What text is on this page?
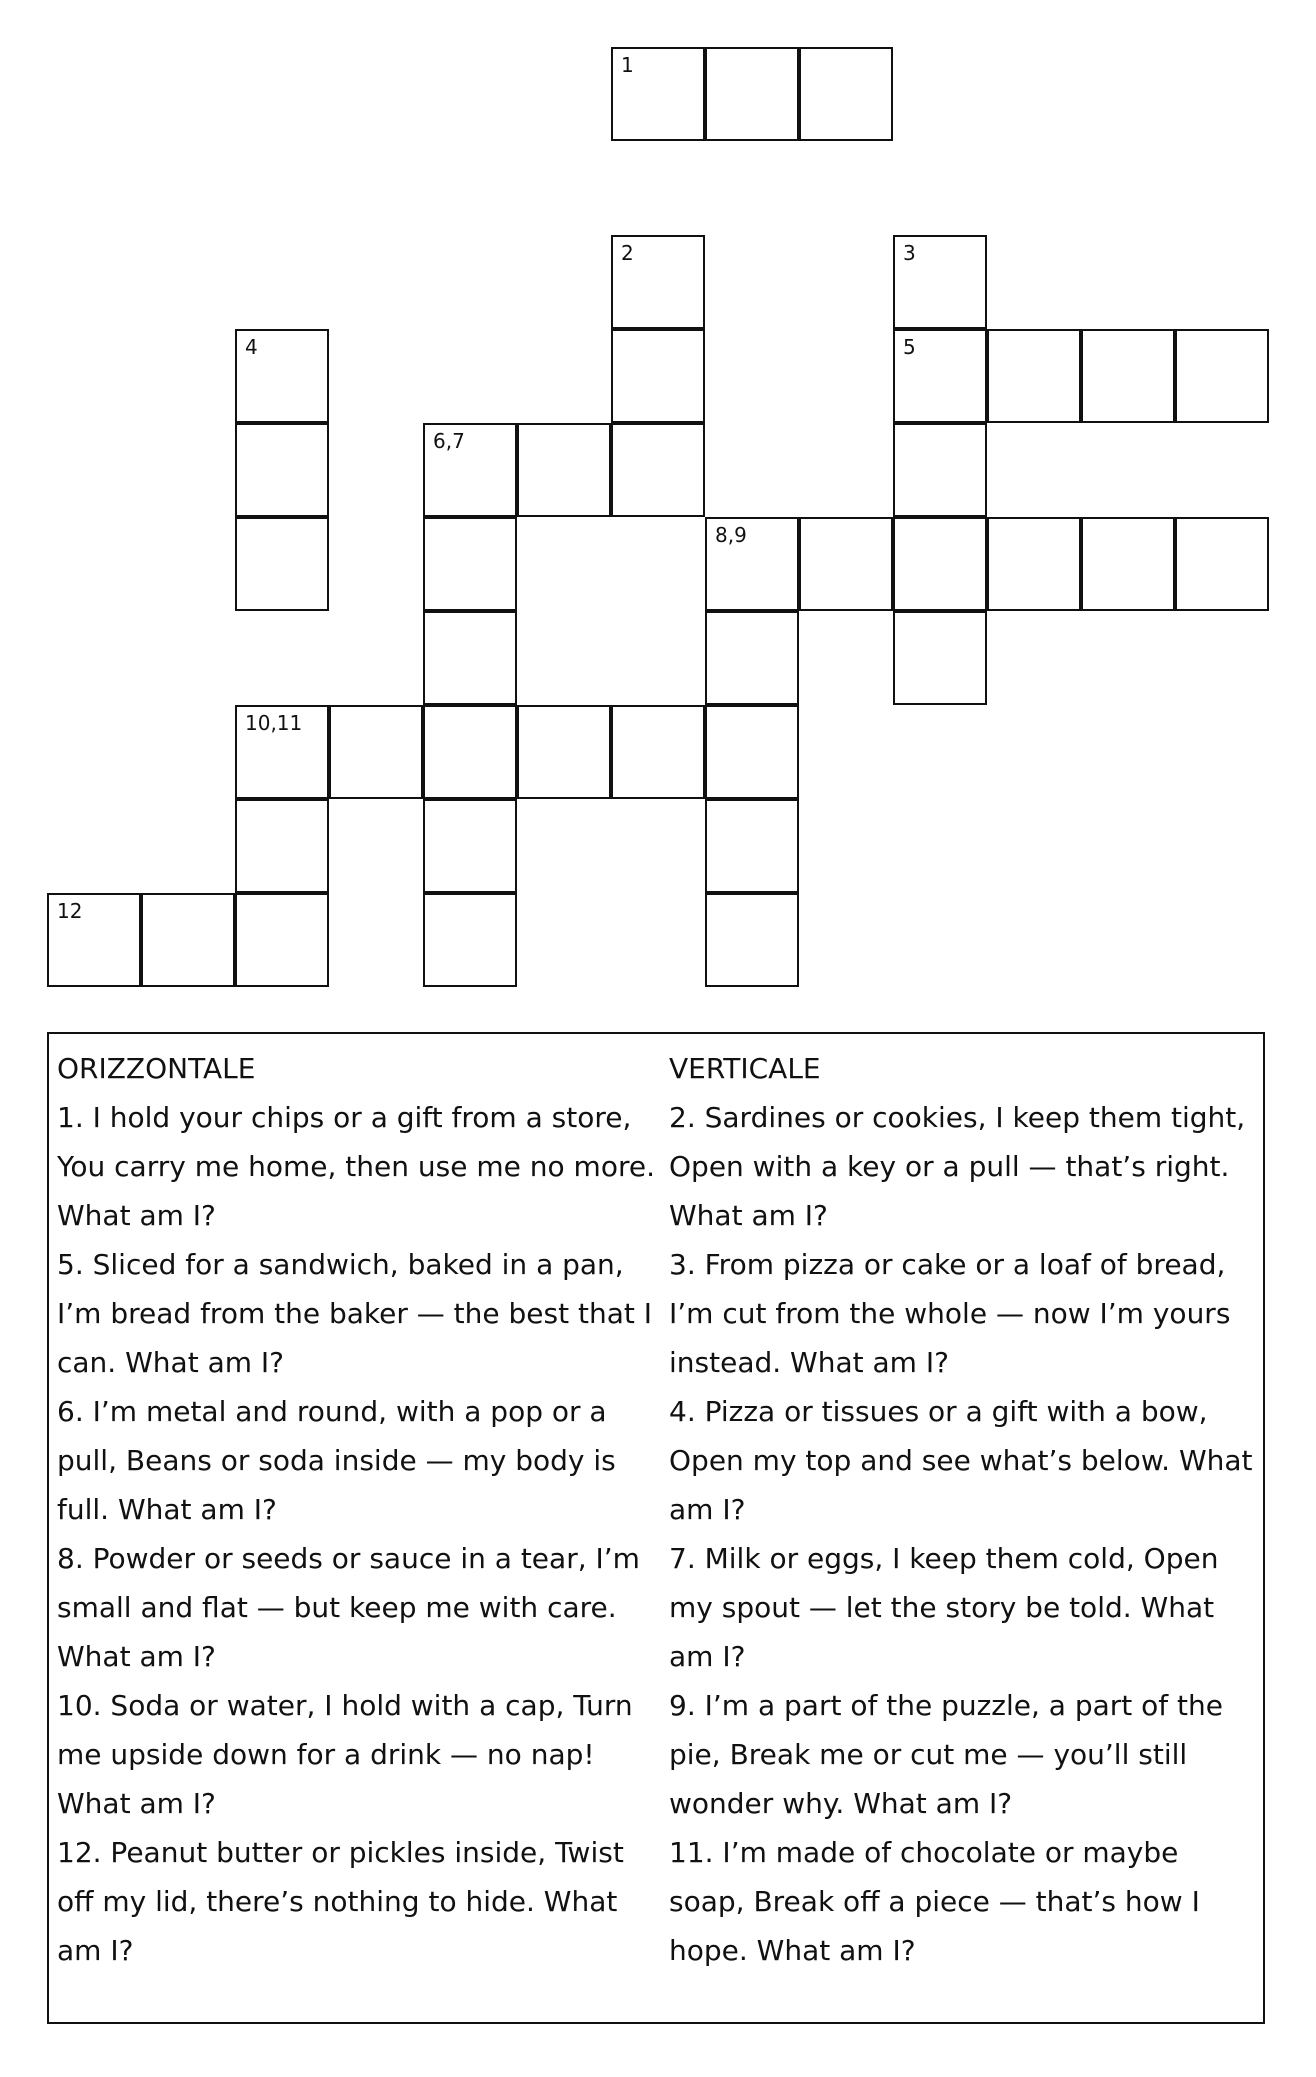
1
2	3
4	5
6,7
8,9
10,11
12

ORIZZONTALE

1. I hold your chips or a gift from a store, You carry me home, then use me no more. What am I?

5. Sliced for a sandwich, baked in a pan, I’m bread from the baker — the best that I can. What am I?

6. I’m metal and round, with a pop or a pull, Beans or soda inside — my body is full. What am I?

8. Powder or seeds or sauce in a tear, I’m small and flat — but keep me with care. What am I?

10. Soda or water, I hold with a cap, Turn me upside down for a drink — no nap! What am I?

12. Peanut butter or pickles inside, Twist off my lid, there’s nothing to hide. What am I?

VERTICALE

2. Sardines or cookies, I keep them tight, Open with a key or a pull — that’s right. What am I?

3. From pizza or cake or a loaf of bread, I’m cut from the whole — now I’m yours instead. What am I?

4. Pizza or tissues or a gift with a bow, Open my top and see what’s below. What am I?

7. Milk or eggs, I keep them cold, Open my spout — let the story be told. What am I?

9. I’m a part of the puzzle, a part of the pie, Break me or cut me — you’ll still wonder why. What am I?

11. I’m made of chocolate or maybe soap, Break off a piece — that’s how I hope. What am I?
